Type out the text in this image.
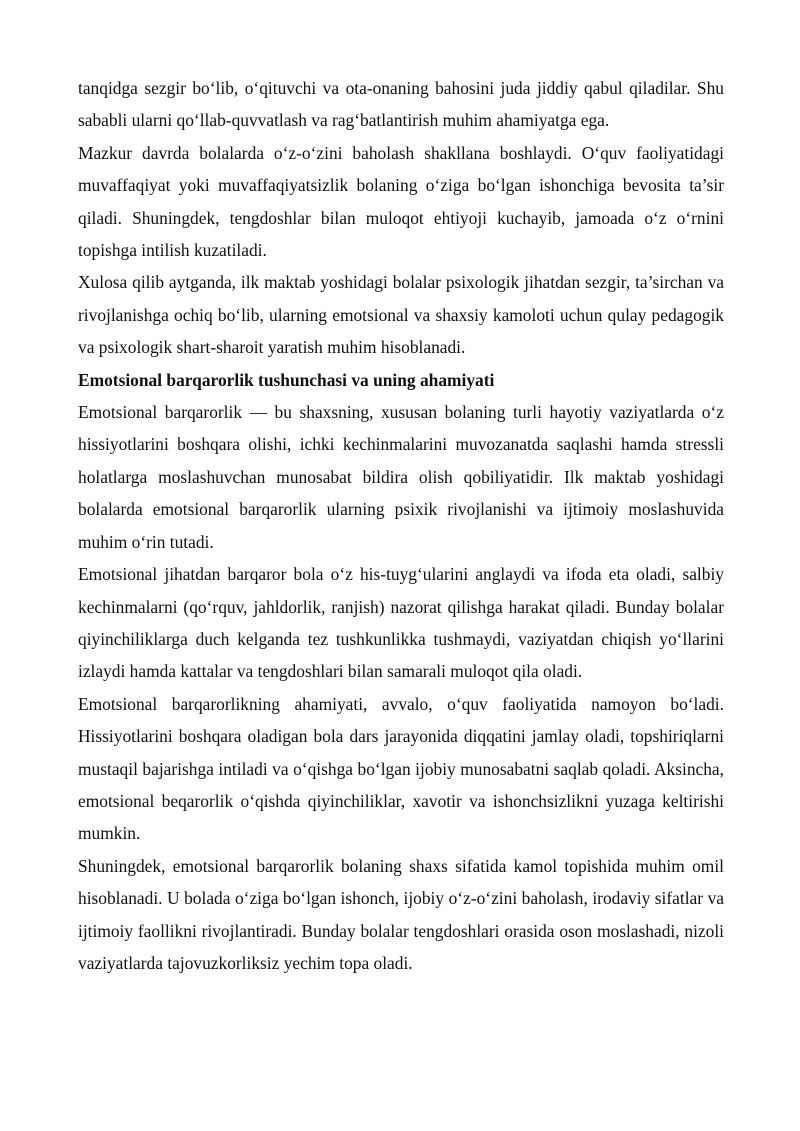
tanqidga sezgir bo‘lib, o‘qituvchi va ota-onaning bahosini juda jiddiy qabul qiladilar. Shu sababli ularni qo‘llab-quvvatlash va rag‘batlantirish muhim ahamiyatga ega.

Mazkur davrda bolalarda o‘z-o‘zini baholash shakllana boshlaydi. O‘quv faoliyatidagi muvaffaqiyat yoki muvaffaqiyatsizlik bolaning o‘ziga bo‘lgan ishonchiga bevosita ta’sir qiladi. Shuningdek, tengdoshlar bilan muloqot ehtiyoji kuchayib, jamoada o‘z o‘rnini topishga intilish kuzatiladi.

Xulosa qilib aytganda, ilk maktab yoshidagi bolalar psixologik jihatdan sezgir, ta’sirchan va rivojlanishga ochiq bo‘lib, ularning emotsional va shaxsiy kamoloti uchun qulay pedagogik va psixologik shart-sharoit yaratish muhim hisoblanadi.

Emotsional barqarorlik tushunchasi va uning ahamiyati

Emotsional barqarorlik — bu shaxsning, xususan bolaning turli hayotiy vaziyatlarda o‘z hissiyotlarini boshqara olishi, ichki kechinmalarini muvozanatda saqlashi hamda stressli holatlarga moslashuvchan munosabat bildira olish qobiliyatidir. Ilk maktab yoshidagi bolalarda emotsional barqarorlik ularning psixik rivojlanishi va ijtimoiy moslashuvida muhim o‘rin tutadi.

Emotsional jihatdan barqaror bola o‘z his-tuyg‘ularini anglaydi va ifoda eta oladi, salbiy kechinmalarni (qo‘rquv, jahldorlik, ranjish) nazorat qilishga harakat qiladi. Bunday bolalar qiyinchiliklarga duch kelganda tez tushkunlikka tushmaydi, vaziyatdan chiqish yo‘llarini izlaydi hamda kattalar va tengdoshlari bilan samarali muloqot qila oladi.

Emotsional barqarorlikning ahamiyati, avvalo, o‘quv faoliyatida namoyon bo‘ladi. Hissiyotlarini boshqara oladigan bola dars jarayonida diqqatini jamlay oladi, topshiriqlarni mustaqil bajarishga intiladi va o‘qishga bo‘lgan ijobiy munosabatni saqlab qoladi. Aksincha, emotsional beqarorlik o‘qishda qiyinchiliklar, xavotir va ishonchsizlikni yuzaga keltirishi mumkin.

Shuningdek, emotsional barqarorlik bolaning shaxs sifatida kamol topishida muhim omil hisoblanadi. U bolada o‘ziga bo‘lgan ishonch, ijobiy o‘z-o‘zini baholash, irodaviy sifatlar va ijtimoiy faollikni rivojlantiradi. Bunday bolalar tengdoshlari orasida oson moslashadi, nizoli vaziyatlarda tajovuzkorliksiz yechim topa oladi.
